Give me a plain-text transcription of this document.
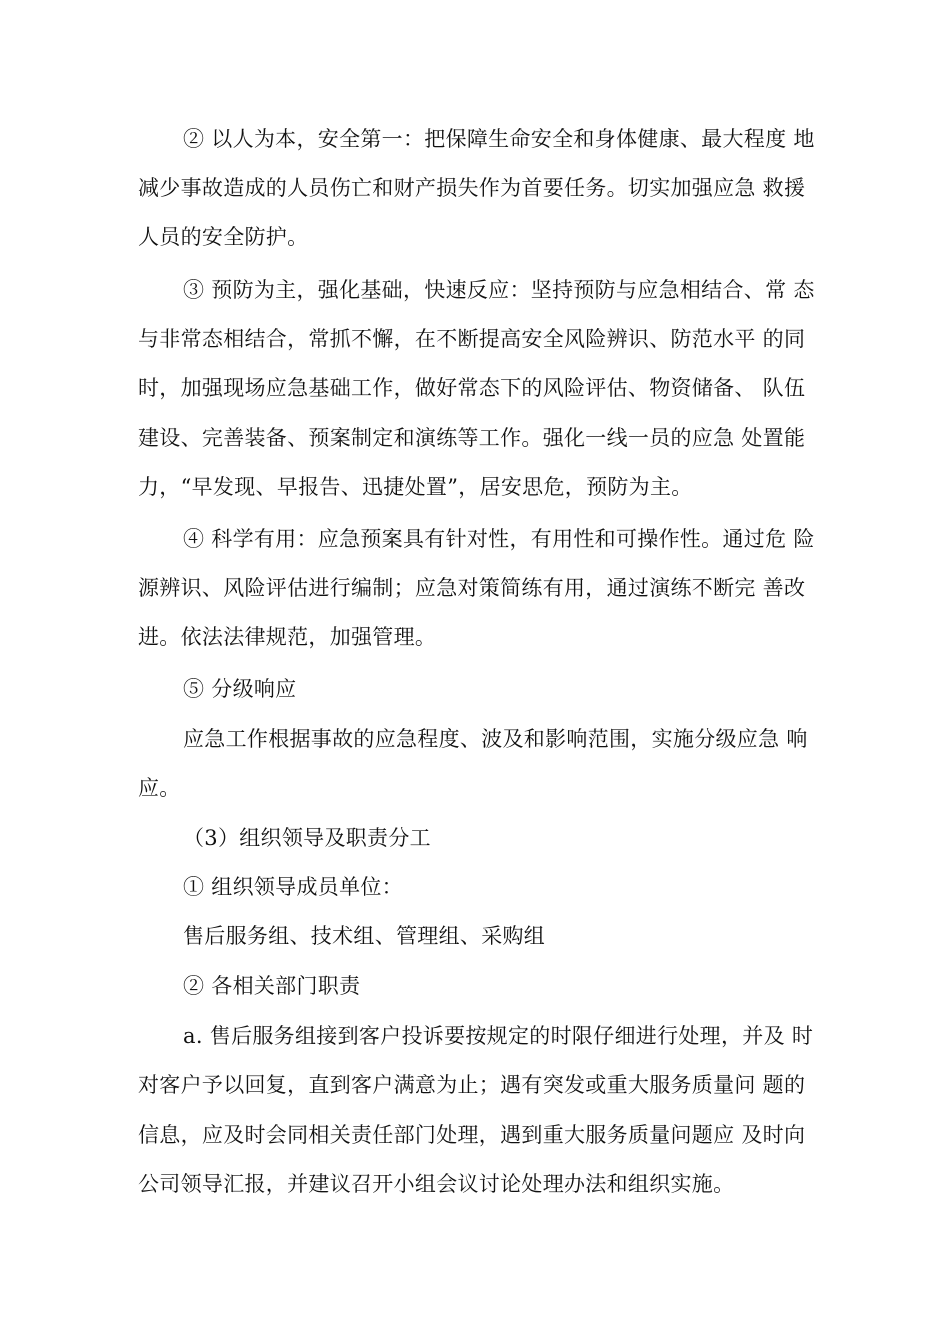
② 以人为本，安全第一：把保障生命安全和身体健康、最大程度 地
减少事故造成的人员伤亡和财产损失作为首要任务。切实加强应急 救援
人员的安全防护。
③ 预防为主，强化基础，快速反应：坚持预防与应急相结合、常 态
与非常态相结合，常抓不懈，在不断提高安全风险辨识、防范水平 的同
时，加强现场应急基础工作，做好常态下的风险评估、物资储备、 队伍
建设、完善装备、预案制定和演练等工作。强化一线一员的应急 处置能
力，“早发现、早报告、迅捷处置”，居安思危，预防为主。
④ 科学有用：应急预案具有针对性，有用性和可操作性。通过危 险
源辨识、风险评估进行编制；应急对策简练有用，通过演练不断完 善改
进。依法法律规范，加强管理。
⑤ 分级响应
应急工作根据事故的应急程度、波及和影响范围，实施分级应急 响
应。
（3）组织领导及职责分工
① 组织领导成员单位：
售后服务组、技术组、管理组、采购组
② 各相关部门职责
a. 售后服务组接到客户投诉要按规定的时限仔细进行处理，并及 时
对客户予以回复，直到客户满意为止；遇有突发或重大服务质量问 题的
信息，应及时会同相关责任部门处理，遇到重大服务质量问题应 及时向
公司领导汇报，并建议召开小组会议讨论处理办法和组织实施。
